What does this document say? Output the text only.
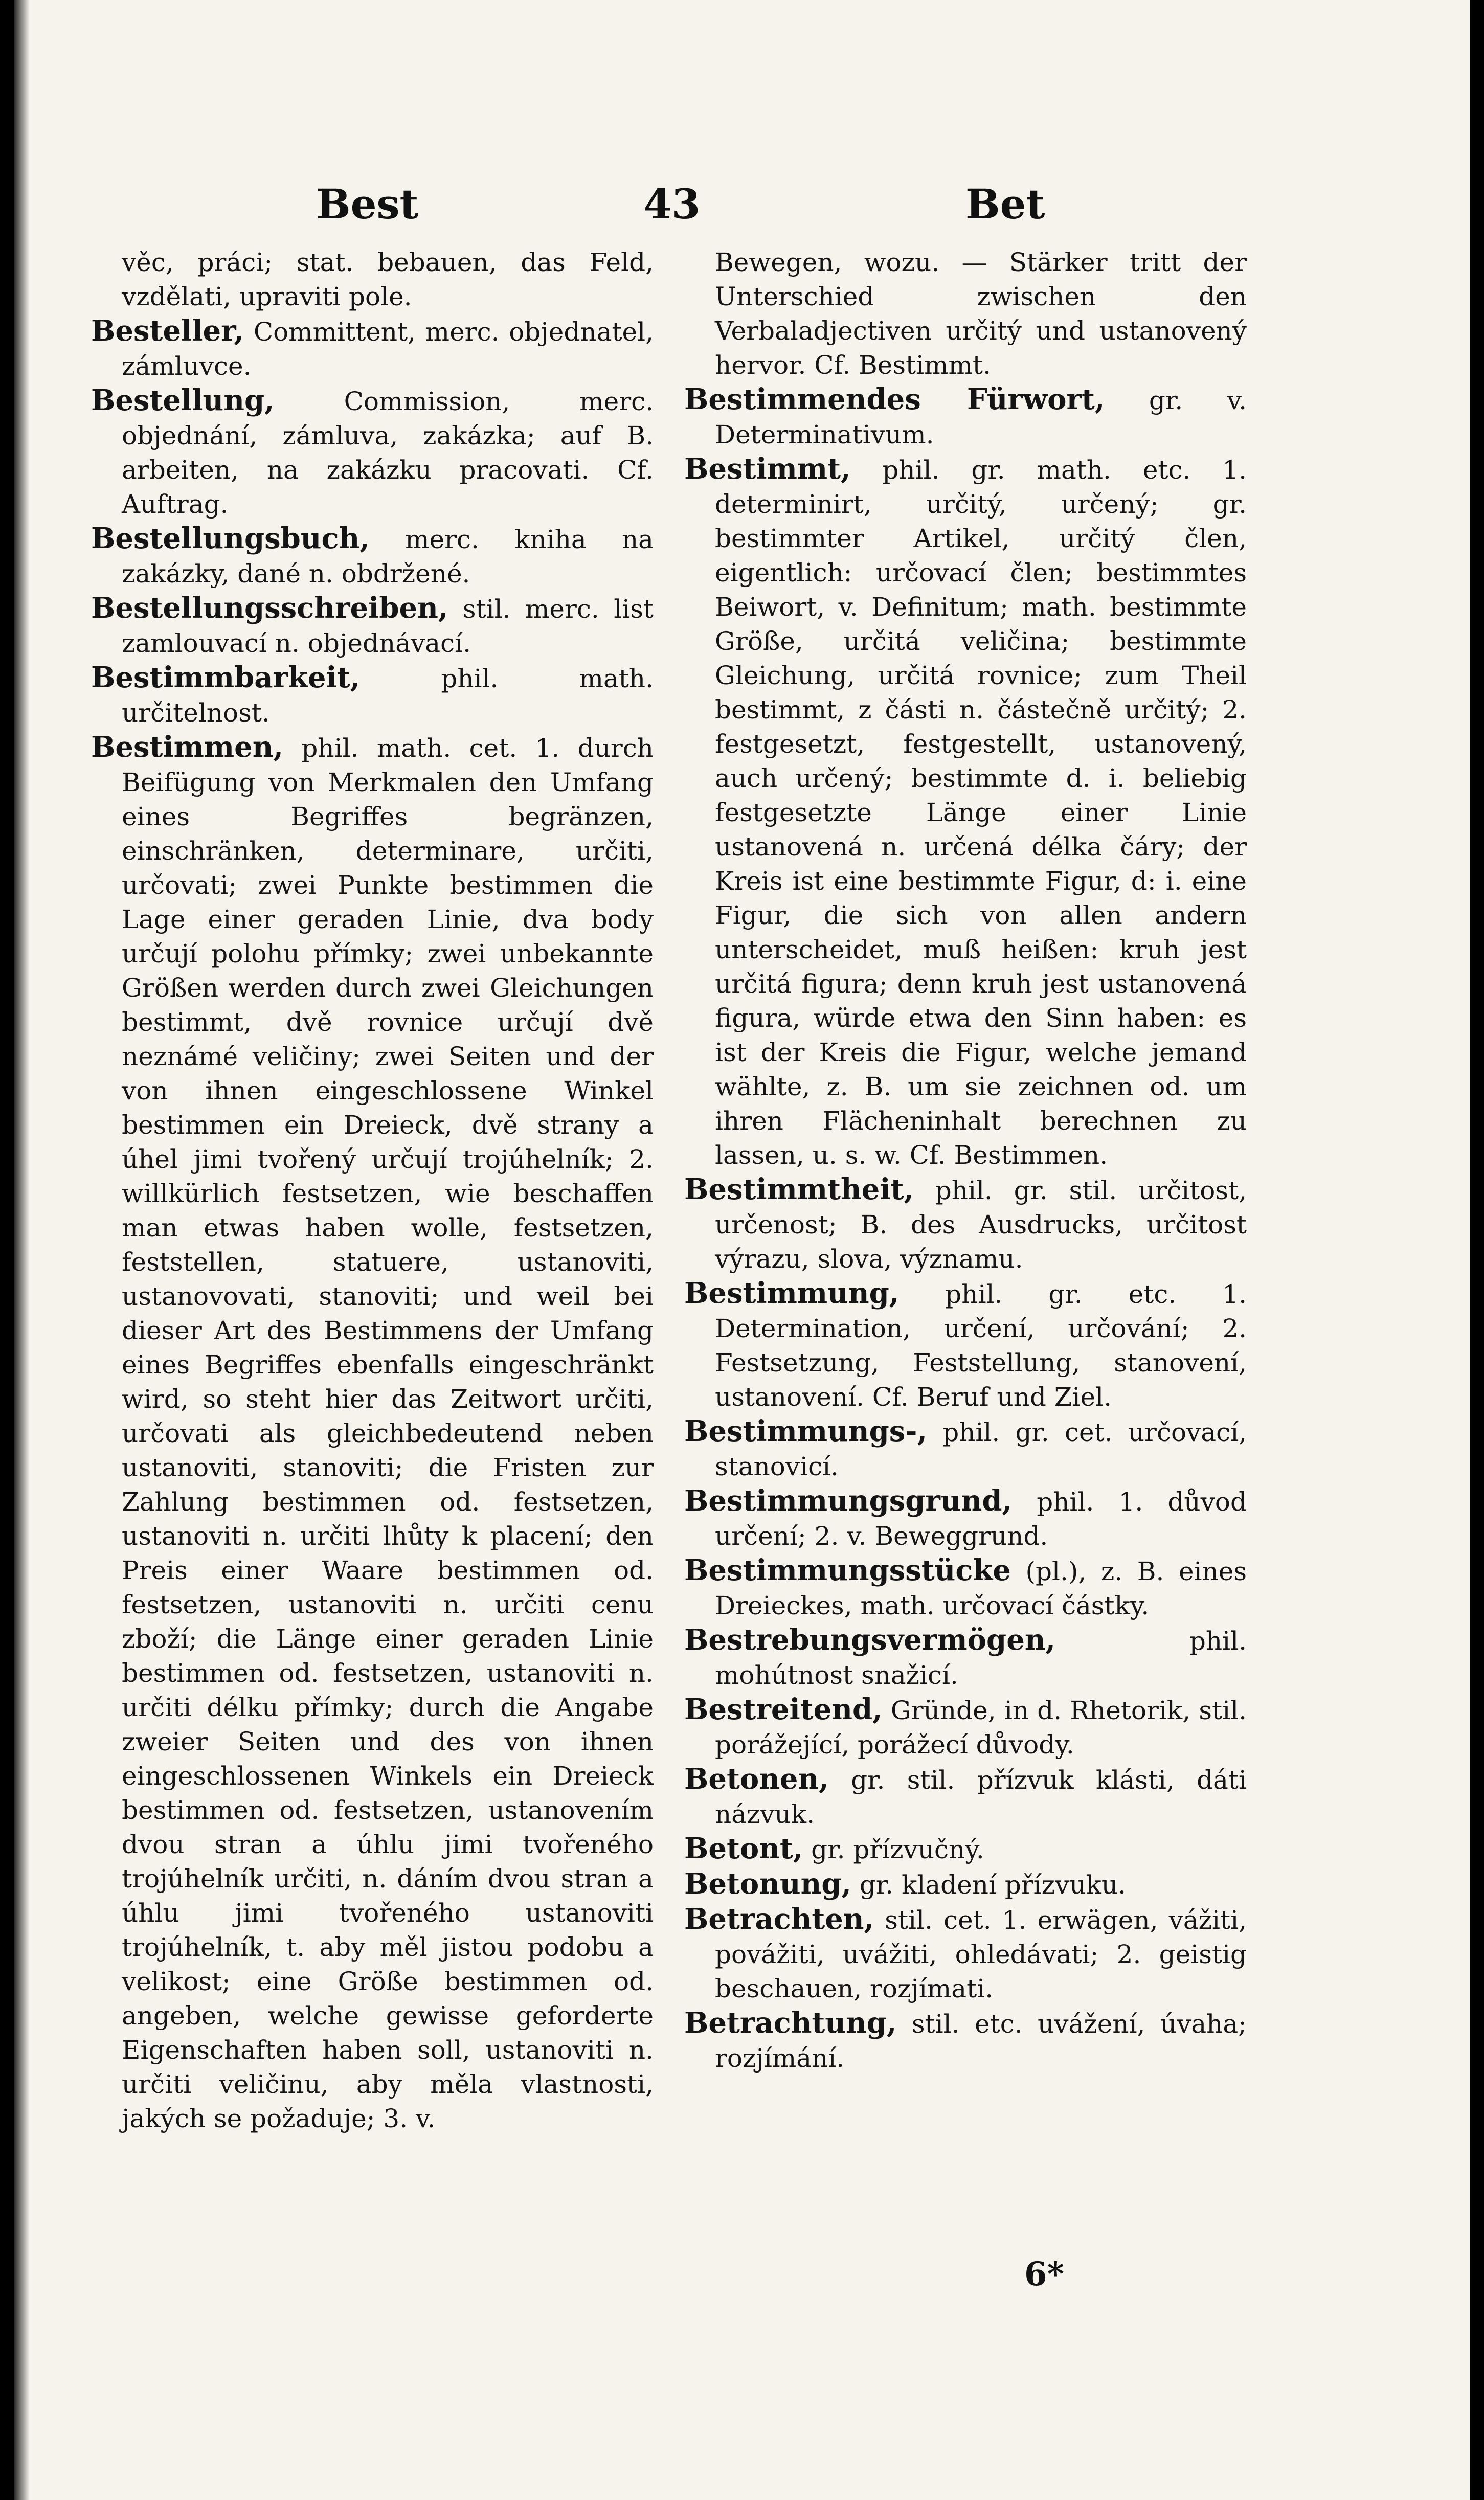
Best	43	Bet

věc, práci; stat. bebauen, das Feld, vzdělati, upraviti pole.

Besteller, Committent, merc. objednatel, zámluvce.

Bestellung, Commission, merc. objednání, zámluva, zakázka; auf B. arbeiten, na zakázku pracovati. Cf. Auftrag.

Bestellungsbuch, merc. kniha na zakázky, dané n. obdržené.

Bestellungsschreiben, stil. merc. list zamlouvací n. objednávací.

Bestimmbarkeit, phil. math. určitelnost.

Bestimmen, phil. math. cet. 1. durch Beifügung von Merkmalen den Umfang eines Begriffes begränzen, einschränken, determinare, určiti, určovati; zwei Punkte bestimmen die Lage einer geraden Linie, dva body určují polohu přímky; zwei unbekannte Größen werden durch zwei Gleichungen bestimmt, dvě rovnice určují dvě neznámé veličiny; zwei Seiten und der von ihnen eingeschlossene Winkel bestimmen ein Dreieck, dvě strany a úhel jimi tvořený určují trojúhelník; 2. willkürlich festsetzen, wie beschaffen man etwas haben wolle, festsetzen, feststellen, statuere, ustanoviti, ustanovovati, stanoviti; und weil bei dieser Art des Bestimmens der Umfang eines Begriffes ebenfalls eingeschränkt wird, so steht hier das Zeitwort určiti, určovati als gleichbedeutend neben ustanoviti, stanoviti; die Fristen zur Zahlung bestimmen od. festsetzen, ustanoviti n. určiti lhůty k placení; den Preis einer Waare bestimmen od. festsetzen, ustanoviti n. určiti cenu zboží; die Länge einer geraden Linie bestimmen od. festsetzen, ustanoviti n. určiti délku přímky; durch die Angabe zweier Seiten und des von ihnen eingeschlossenen Winkels ein Dreieck bestimmen od. festsetzen, ustanovením dvou stran a úhlu jimi tvořeného trojúhelník určiti, n. dáním dvou stran a úhlu jimi tvořeného ustanoviti trojúhelník, t. aby měl jistou podobu a velikost; eine Größe bestimmen od. angeben, welche gewisse geforderte Eigenschaften haben soll, ustanoviti n. určiti veličinu, aby měla vlastnosti, jakých se požaduje; 3. v.

Bewegen, wozu. — Stärker tritt der Unterschied zwischen den Verbaladjectiven určitý und ustanovený hervor. Cf. Bestimmt.

Bestimmendes Fürwort, gr. v. Determinativum.

Bestimmt, phil. gr. math. etc. 1. determinirt, určitý, určený; gr. bestimmter Artikel, určitý člen, eigentlich: určovací člen; bestimmtes Beiwort, v. Definitum; math. bestimmte Größe, určitá veličina; bestimmte Gleichung, určitá rovnice; zum Theil bestimmt, z části n. částečně určitý; 2. festgesetzt, festgestellt, ustanovený, auch určený; bestimmte d. i. beliebig festgesetzte Länge einer Linie ustanovená n. určená délka čáry; der Kreis ist eine bestimmte Figur, d: i. eine Figur, die sich von allen andern unterscheidet, muß heißen: kruh jest určitá figura; denn kruh jest ustanovená figura, würde etwa den Sinn haben: es ist der Kreis die Figur, welche jemand wählte, z. B. um sie zeichnen od. um ihren Flächeninhalt berechnen zu lassen, u. s. w. Cf. Bestimmen.

Bestimmtheit, phil. gr. stil. určitost, určenost; B. des Ausdrucks, určitost výrazu, slova, významu.

Bestimmung, phil. gr. etc. 1. Determination, určení, určování; 2. Festsetzung, Feststellung, stanovení, ustanovení. Cf. Beruf und Ziel.

Bestimmungs-, phil. gr. cet. určovací, stanovicí.

Bestimmungsgrund, phil. 1. důvod určení; 2. v. Beweggrund.

Bestimmungsstücke (pl.), z. B. eines Dreieckes, math. určovací částky.

Bestrebungsvermögen, phil. mohútnost snažicí.

Bestreitend, Gründe, in d. Rhetorik, stil. porážející, porážecí důvody.

Betonen, gr. stil. přízvuk klásti, dáti názvuk.

Betont, gr. přízvučný.

Betonung, gr. kladení přízvuku.

Betrachten, stil. cet. 1. erwägen, vážiti, povážiti, uvážiti, ohledávati; 2. geistig beschauen, rozjímati.

Betrachtung, stil. etc. uvážení, úvaha; rozjímání.

6*
